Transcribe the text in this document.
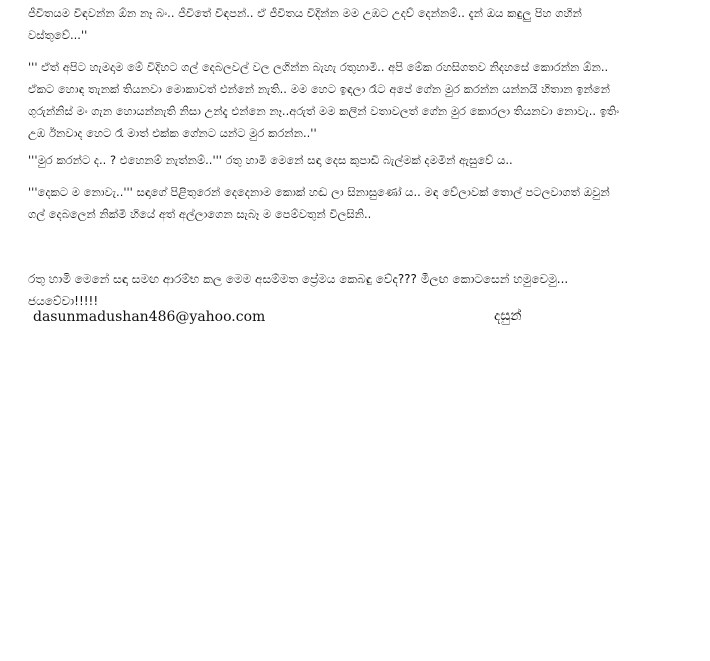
ජීවිතයම විඳවන්න ඕන නෑ බං.. ජීවිතේ විඳපන්.. ඒ ජීවිතය විදින්න මම උඹට උදව් දෙන්නම්.. දැන් ඔය කඳුලු පිහ ගහින් වස්තුවේ...''
''' ඒත් අපිට හැමදාම මේ විදිහට ගල් දෙබලවල් වල ලගින්න බැහැ රතුහාමි.. අපි මේක රහසිගතව නිදහසේ කොරන්න ඕන.. ඒකට හොඳ තැනක් තියනවා මොකාවත් එන්නේ නැති.. මම හෙට ඉඳලා රෑට අපේ ගේන මුර කරන්න යන්නයි හිතාන ඉන්නේ ගුරුන්නිස් මං ගැන හොයන්නැති නිසා උන්දැ එන්නෙ නෑ..අරුත් මම කලින් වතාවලත් ගේන මුර කොරලා තියනවා නොවැ.. ඉතිං උඹ ඊනවාද හෙට රෑ මාත් එක්ක ගේනට යන්ට මුර කරන්න..''
'''මුර කරන්ට ද.. ? එහෙනම් නැත්නම්..''' රතු හාමි මෙනේ සඳා දෙස කුපාඩි බැල්මක් දමමින් ඇසුවේ ය..
'''දෙකට ම නොවැ..''' සඳාගේ පිළිතුරෙන් දෙදෙනාම කොක් හඬ ලා සිනාසුණෝ ය.. මඳ වේලාවක් තොල් පටලවාගත් ඔවුන් ගල් දෙබලෙන් නික්මී හියේ අත් අල්ලාගෙන සැබෑ ම පෙම්වතුන් විලසිනි..
රතු හාමි මෙනේ සඳා සමඟ ආරම්භ කල මෙම අසම්මත ප්‍රේමය කෙබඳු වේද??? මීලඟ කොටසෙන් හමුවෙමු... ජයවේවා!!!!!
dasunmadushan486@yahoo.com	දසුන්
